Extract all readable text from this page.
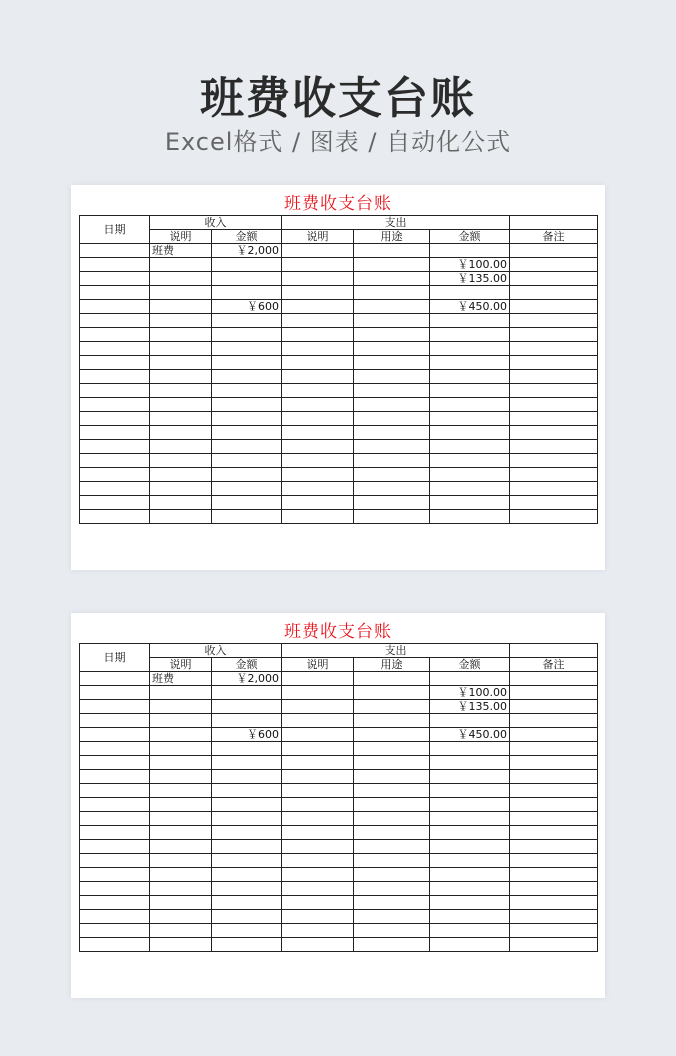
班费收支台账
Excel格式 / 图表 / 自动化公式
班费收支台账
日期	收入		支出			
	说明	金额	说明	用途	金额	备注
	班费	￥2,000				
					￥100.00	
					￥135.00	

		￥600			￥450.00	

班费收支台账
日期	收入		支出			
	说明	金额	说明	用途	金额	备注
	班费	￥2,000				
					￥100.00	
					￥135.00	

		￥600			￥450.00	
